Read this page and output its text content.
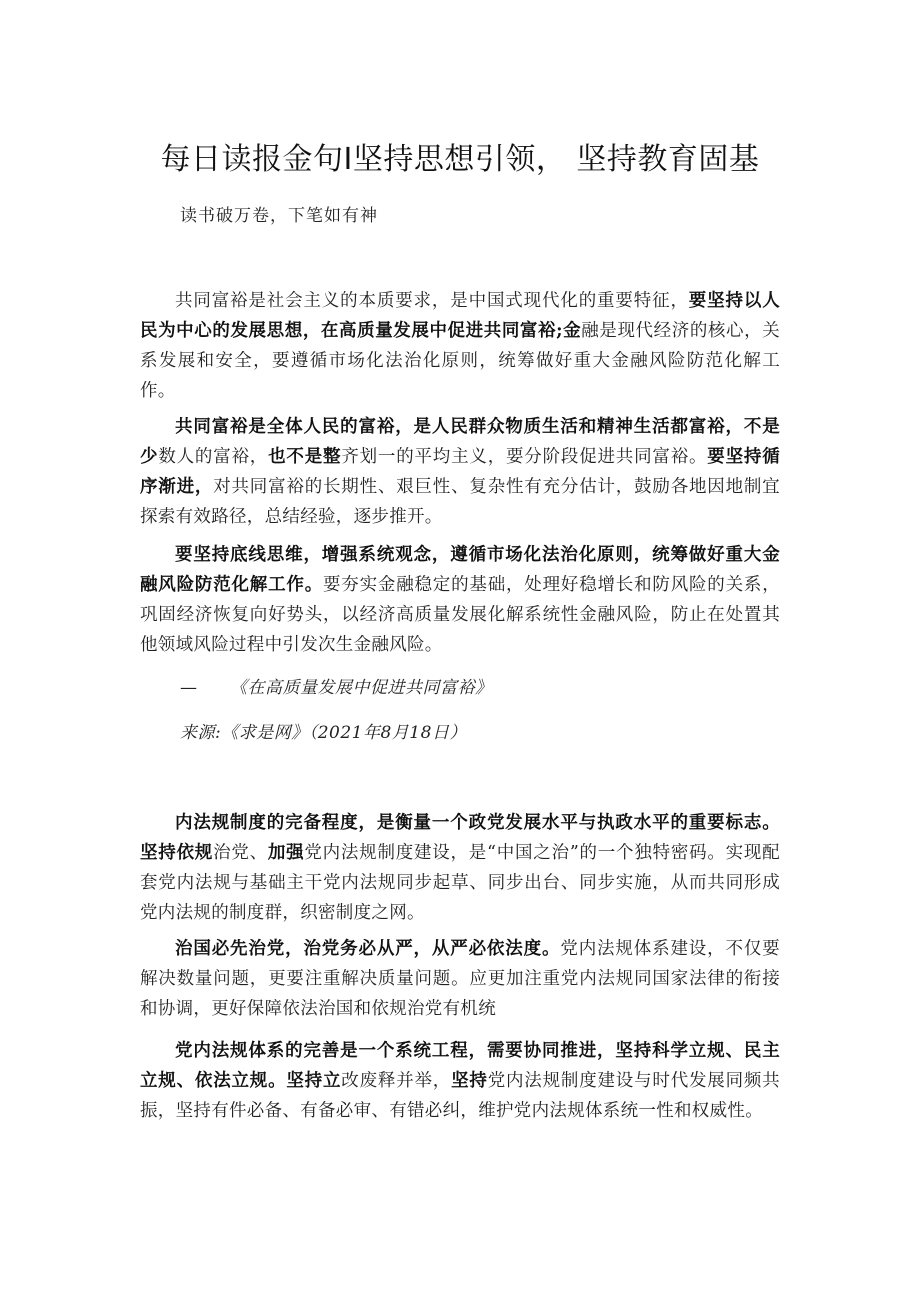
每日读报金句Ⅰ坚持思想引领， 坚持教育固基
读书破万卷，下笔如有神
共同富裕是社会主义的本质要求，是中国式现代化的重要特征，要坚持以人民为中心的发展思想，在高质量发展中促进共同富裕;金融是现代经济的核心，关系发展和安全，要遵循市场化法治化原则，统筹做好重大金融风险防范化解工作。
共同富裕是全体人民的富裕，是人民群众物质生活和精神生活都富裕，不是少数人的富裕，也不是整齐划一的平均主义，要分阶段促进共同富裕。要坚持循序渐进，对共同富裕的长期性、艰巨性、复杂性有充分估计，鼓励各地因地制宜探索有效路径，总结经验，逐步推开。
要坚持底线思维，增强系统观念，遵循市场化法治化原则，统筹做好重大金融风险防范化解工作。要夯实金融稳定的基础，处理好稳增长和防风险的关系，巩固经济恢复向好势头，以经济高质量发展化解系统性金融风险，防止在处置其他领域风险过程中引发次生金融风险。
— 《在高质量发展中促进共同富裕》
来源:《求是网》（2021年8月18日）
内法规制度的完备程度，是衡量一个政党发展水平与执政水平的重要标志。坚持依规治党、加强党内法规制度建设，是“中国之治”的一个独特密码。实现配套党内法规与基础主干党内法规同步起草、同步出台、同步实施，从而共同形成党内法规的制度群，织密制度之网。
治国必先治党，治党务必从严，从严必依法度。党内法规体系建设，不仅要解决数量问题，更要注重解决质量问题。应更加注重党内法规同国家法律的衔接和协调，更好保障依法治国和依规治党有机统
党内法规体系的完善是一个系统工程，需要协同推进，坚持科学立规、民主立规、依法立规。坚持立改废释并举，坚持党内法规制度建设与时代发展同频共振，坚持有件必备、有备必审、有错必纠，维护党内法规体系统一性和权威性。
